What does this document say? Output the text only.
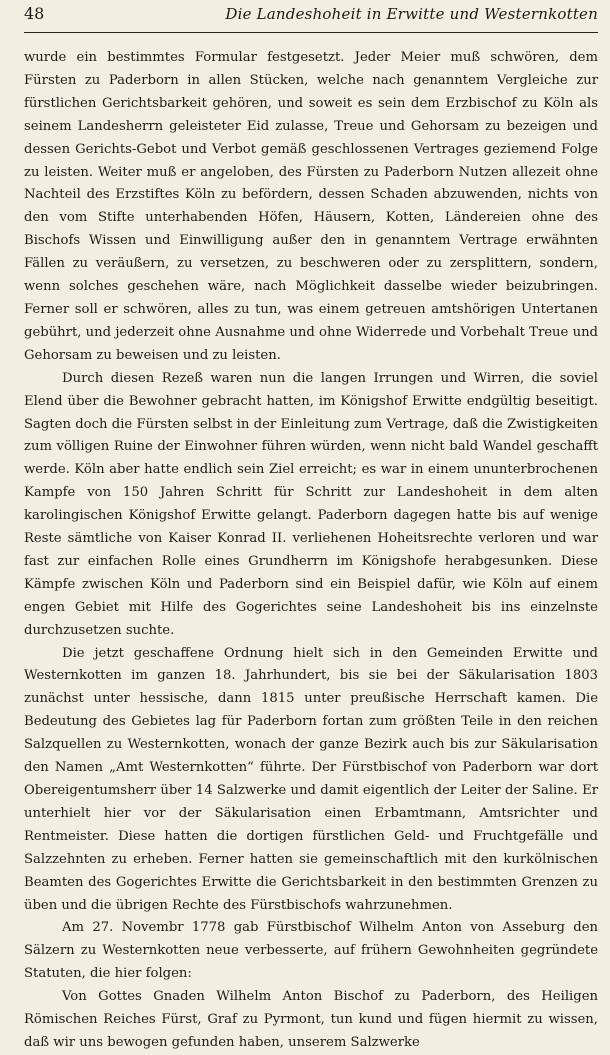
48	Die Landeshoheit in Erwitte und Westernkotten

wurde ein bestimmtes Formular festgesetzt. Jeder Meier muß schwören, dem Fürsten zu Paderborn in allen Stücken, welche nach genanntem Vergleiche zur fürstlichen Gerichtsbarkeit gehören, und soweit es sein dem Erzbischof zu Köln als seinem Landesherrn geleisteter Eid zulasse, Treue und Gehorsam zu bezeigen und dessen Gerichts-Gebot und Verbot gemäß geschlossenen Vertrages geziemend Folge zu leisten. Weiter muß er angeloben, des Fürsten zu Paderborn Nutzen allezeit ohne Nachteil des Erzstiftes Köln zu befördern, dessen Schaden abzuwenden, nichts von den vom Stifte unterhabenden Höfen, Häusern, Kotten, Ländereien ohne des Bischofs Wissen und Einwilligung außer den in genanntem Vertrage erwähnten Fällen zu veräußern, zu versetzen, zu beschweren oder zu zersplittern, sondern, wenn solches geschehen wäre, nach Möglichkeit dasselbe wieder beizubringen. Ferner soll er schwören, alles zu tun, was einem getreuen amtshörigen Untertanen gebührt, und jederzeit ohne Ausnahme und ohne Widerrede und Vorbehalt Treue und Gehorsam zu beweisen und zu leisten.

Durch diesen Rezeß waren nun die langen Irrungen und Wirren, die soviel Elend über die Bewohner gebracht hatten, im Königshof Erwitte endgültig beseitigt. Sagten doch die Fürsten selbst in der Einleitung zum Vertrage, daß die Zwistigkeiten zum völligen Ruine der Einwohner führen würden, wenn nicht bald Wandel geschafft werde. Köln aber hatte endlich sein Ziel erreicht; es war in einem ununterbrochenen Kampfe von 150 Jahren Schritt für Schritt zur Landeshoheit in dem alten karolingischen Königshof Erwitte gelangt. Paderborn dagegen hatte bis auf wenige Reste sämtliche von Kaiser Konrad II. verliehenen Hoheitsrechte verloren und war fast zur einfachen Rolle eines Grundherrn im Königshofe herabgesunken. Diese Kämpfe zwischen Köln und Paderborn sind ein Beispiel dafür, wie Köln auf einem engen Gebiet mit Hilfe des Gogerichtes seine Landeshoheit bis ins einzelnste durchzusetzen suchte.

Die jetzt geschaffene Ordnung hielt sich in den Gemeinden Erwitte und Westernkotten im ganzen 18. Jahrhundert, bis sie bei der Säkularisation 1803 zunächst unter hessische, dann 1815 unter preußische Herrschaft kamen. Die Bedeutung des Gebietes lag für Paderborn fortan zum größten Teile in den reichen Salzquellen zu Westernkotten, wonach der ganze Bezirk auch bis zur Säkularisation den Namen „Amt Westernkotten“ führte. Der Fürstbischof von Paderborn war dort Obereigentumsherr über 14 Salzwerke und damit eigentlich der Leiter der Saline. Er unterhielt hier vor der Säkularisation einen Erbamtmann, Amtsrichter und Rentmeister. Diese hatten die dortigen fürstlichen Geld- und Fruchtgefälle und Salzzehnten zu erheben. Ferner hatten sie gemeinschaftlich mit den kurkölnischen Beamten des Gogerichtes Erwitte die Gerichtsbarkeit in den bestimmten Grenzen zu üben und die übrigen Rechte des Fürstbischofs wahrzunehmen.

Am 27. Novembr 1778 gab Fürstbischof Wilhelm Anton von Asseburg den Sälzern zu Westernkotten neue verbesserte, auf frühern Gewohnheiten gegründete Statuten, die hier folgen:

Von Gottes Gnaden Wilhelm Anton Bischof zu Paderborn, des Heiligen Römischen Reiches Fürst, Graf zu Pyrmont, tun kund und fügen hiermit zu wissen, daß wir uns bewogen gefunden haben, unserem Salzwerke
